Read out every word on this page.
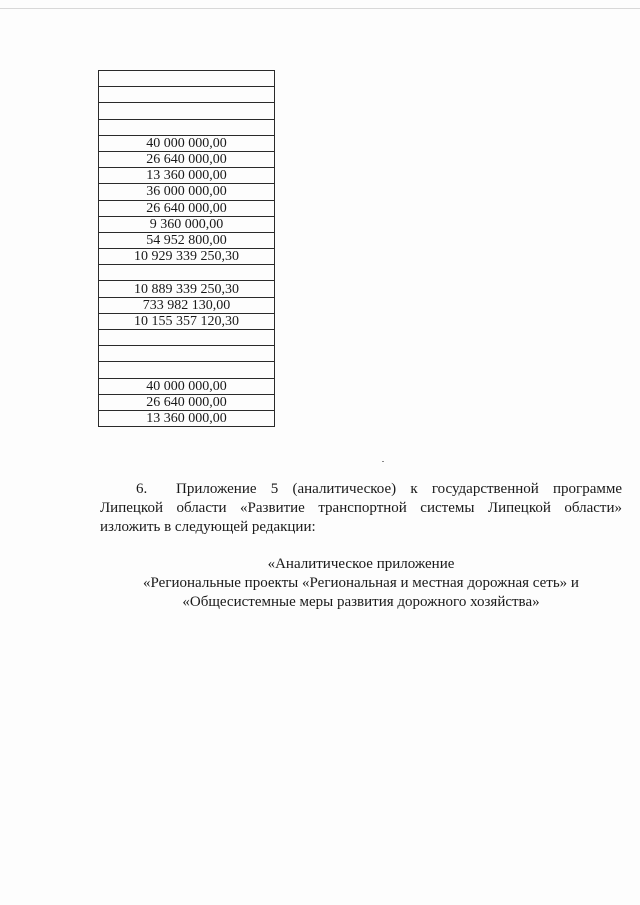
40 000 000,00
26 640 000,00
13 360 000,00
36 000 000,00
26 640 000,00
9 360 000,00
54 952 800,00
10 929 339 250,30

10 889 339 250,30
733 982 130,00
10 155 357 120,30

40 000 000,00
26 640 000,00
13 360 000,00
6. Приложение 5 (аналитическое) к государственной программе
Липецкой области «Развитие транспортной системы Липецкой области»
изложить в следующей редакции:
«Аналитическое приложение
«Региональные проекты «Региональная и местная дорожная сеть» и
«Общесистемные меры развития дорожного хозяйства»
